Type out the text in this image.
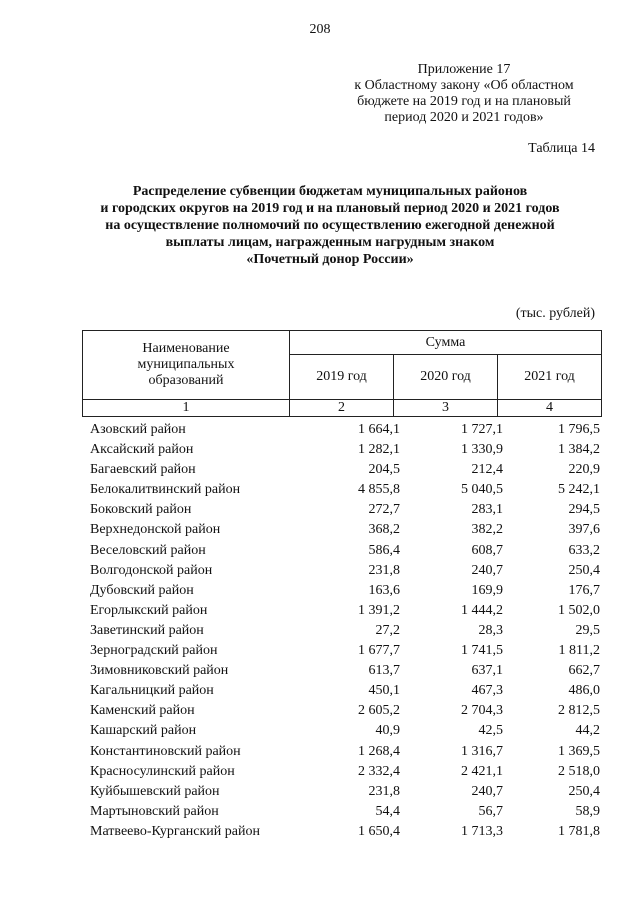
208
Приложение 17
к Областному закону «Об областном
бюджете на 2019 год и на плановый
период 2020 и 2021 годов»
Таблица 14
Распределение субвенции бюджетам муниципальных районов
и городских округов на 2019 год и на плановый период 2020 и 2021 годов
на осуществление полномочий по осуществлению ежегодной денежной
выплаты лицам, награжденным нагрудным знаком
«Почетный донор России»
(тыс. рублей)
Наименование
муниципальных
образований	Сумма		
	2019 год	2020 год	2021 год
1	2	3	4
Азовский район	1 664,1	1 727,1	1 796,5
Аксайский район	1 282,1	1 330,9	1 384,2
Багаевский район	204,5	212,4	220,9
Белокалитвинский район	4 855,8	5 040,5	5 242,1
Боковский район	272,7	283,1	294,5
Верхнедонской район	368,2	382,2	397,6
Веселовский район	586,4	608,7	633,2
Волгодонской район	231,8	240,7	250,4
Дубовский район	163,6	169,9	176,7
Егорлыкский район	1 391,2	1 444,2	1 502,0
Заветинский район	27,2	28,3	29,5
Зерноградский район	1 677,7	1 741,5	1 811,2
Зимовниковский район	613,7	637,1	662,7
Кагальницкий район	450,1	467,3	486,0
Каменский район	2 605,2	2 704,3	2 812,5
Кашарский район	40,9	42,5	44,2
Константиновский район	1 268,4	1 316,7	1 369,5
Красносулинский район	2 332,4	2 421,1	2 518,0
Куйбышевский район	231,8	240,7	250,4
Мартыновский район	54,4	56,7	58,9
Матвеево-Курганский район	1 650,4	1 713,3	1 781,8
